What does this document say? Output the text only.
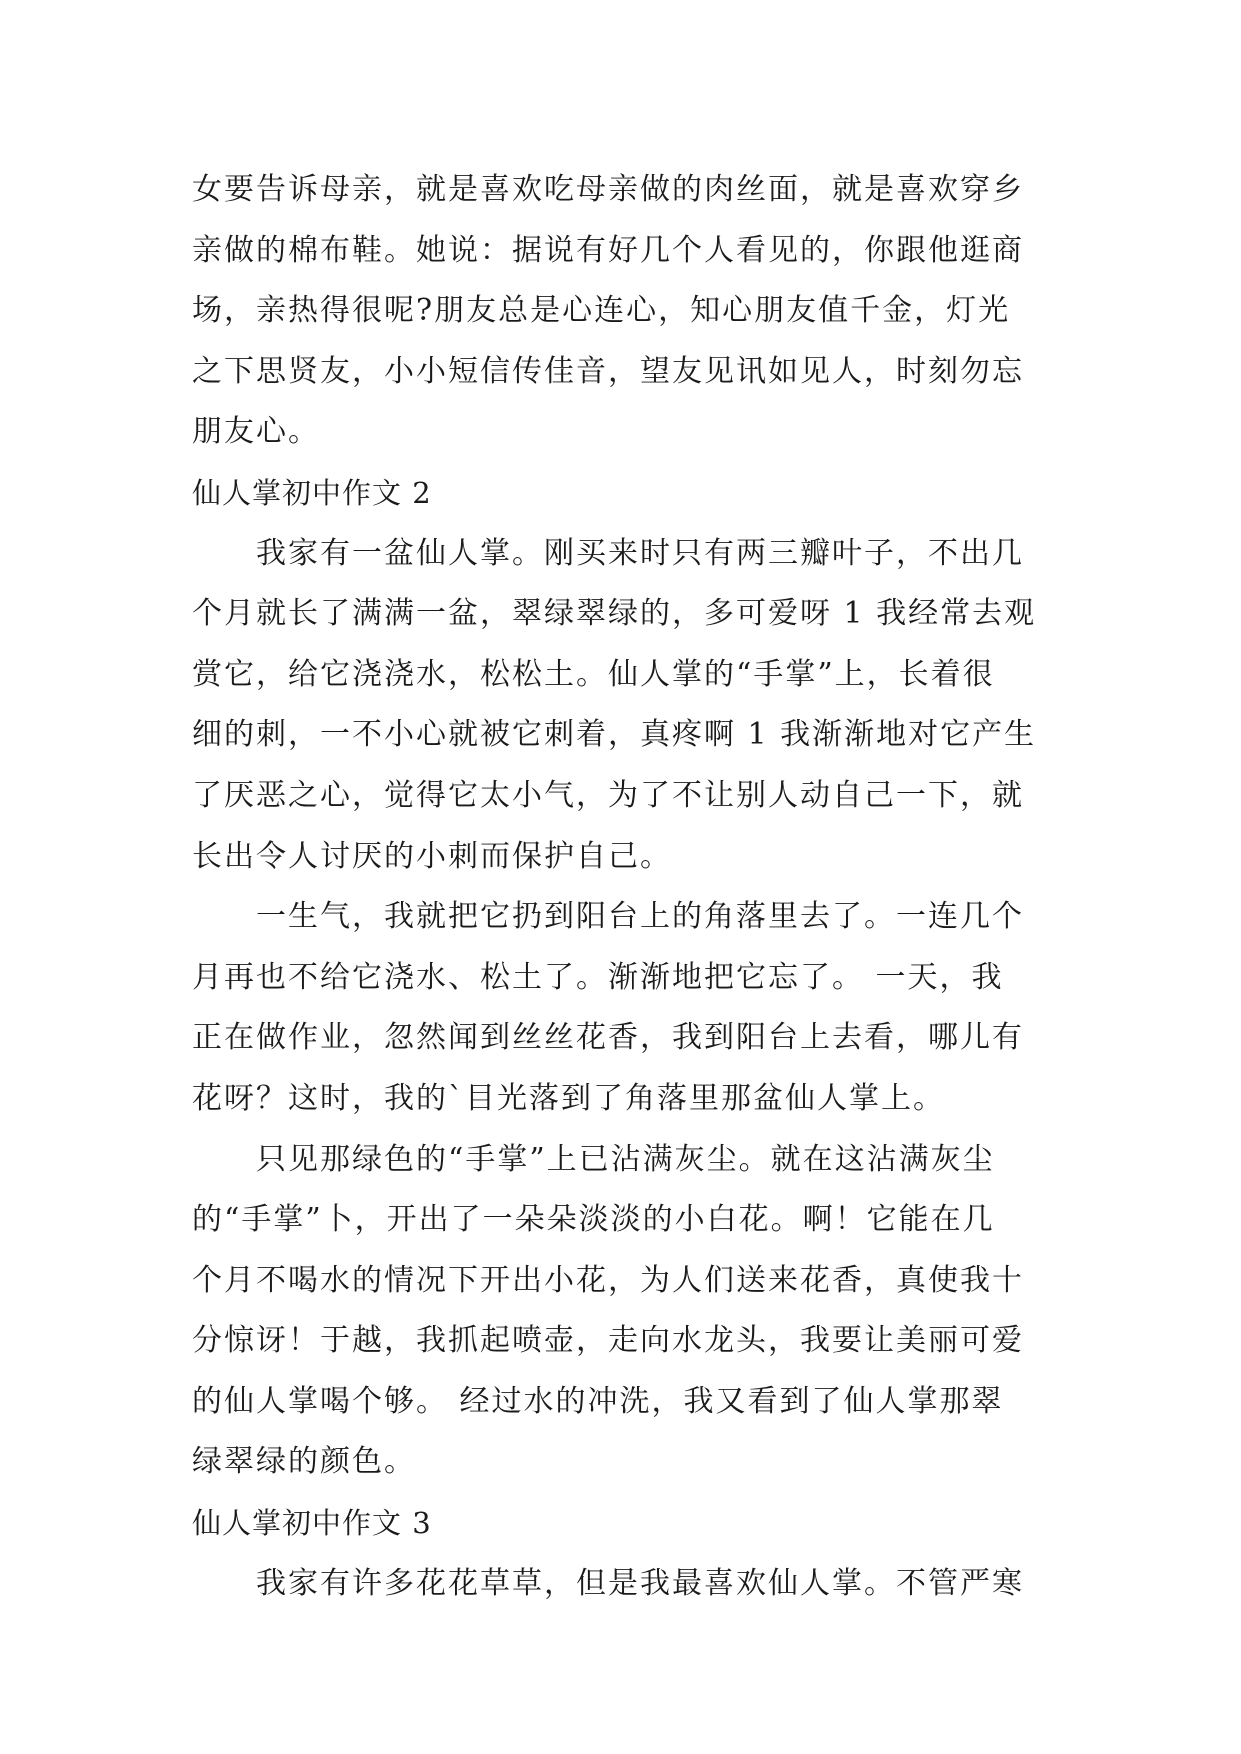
女要告诉母亲，就是喜欢吃母亲做的肉丝面，就是喜欢穿乡
亲做的棉布鞋。她说：据说有好几个人看见的，你跟他逛商
场，亲热得很呢?朋友总是心连心，知心朋友值千金，灯光
之下思贤友，小小短信传佳音，望友见讯如见人，时刻勿忘
朋友心。
仙人掌初中作文 2
我家有一盆仙人掌。刚买来时只有两三瓣叶子，不出几
个月就长了满满一盆，翠绿翠绿的，多可爱呀 1 我经常去观
赏它，给它浇浇水，松松土。仙人掌的“手掌”上，长着很
细的刺，一不小心就被它刺着，真疼啊 1 我渐渐地对它产生
了厌恶之心，觉得它太小气，为了不让别人动自己一下，就
长出令人讨厌的小刺而保护自己。
一生气，我就把它扔到阳台上的角落里去了。一连几个
月再也不给它浇水、松土了。渐渐地把它忘了。 一天，我
正在做作业，忽然闻到丝丝花香，我到阳台上去看，哪儿有
花呀？这时，我的`目光落到了角落里那盆仙人掌上。
只见那绿色的“手掌”上已沾满灰尘。就在这沾满灰尘
的“手掌”卜，开出了一朵朵淡淡的小白花。啊！它能在几
个月不喝水的情况下开出小花，为人们送来花香，真使我十
分惊讶！于越，我抓起喷壶，走向水龙头，我要让美丽可爱
的仙人掌喝个够。 经过水的冲洗，我又看到了仙人掌那翠
绿翠绿的颜色。
仙人掌初中作文 3
我家有许多花花草草，但是我最喜欢仙人掌。不管严寒
